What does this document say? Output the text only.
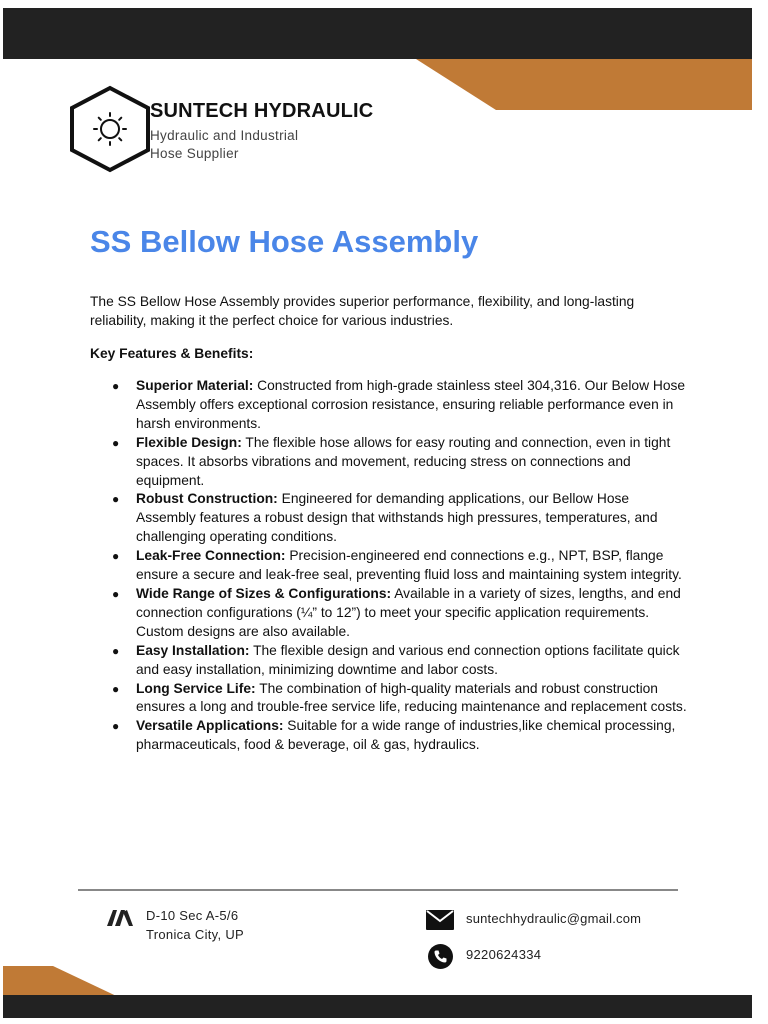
SUNTECH HYDRAULIC
Hydraulic and Industrial
Hose Supplier
SS Bellow Hose Assembly

The SS Bellow Hose Assembly provides superior performance, flexibility, and long-lasting reliability, making it the perfect choice for various industries.

Key Features & Benefits:

● Superior Material: Constructed from high-grade stainless steel 304,316. Our Below Hose Assembly offers exceptional corrosion resistance, ensuring reliable performance even in harsh environments.
● Flexible Design: The flexible hose allows for easy routing and connection, even in tight spaces. It absorbs vibrations and movement, reducing stress on connections and equipment.
● Robust Construction: Engineered for demanding applications, our Bellow Hose Assembly features a robust design that withstands high pressures, temperatures, and challenging operating conditions.
● Leak-Free Connection: Precision-engineered end connections e.g., NPT, BSP, flange ensure a secure and leak-free seal, preventing fluid loss and maintaining system integrity.
● Wide Range of Sizes & Configurations: Available in a variety of sizes, lengths, and end connection configurations (¼” to 12”) to meet your specific application requirements. Custom designs are also available.
● Easy Installation: The flexible design and various end connection options facilitate quick and easy installation, minimizing downtime and labor costs.
● Long Service Life: The combination of high-quality materials and robust construction ensures a long and trouble-free service life, reducing maintenance and replacement costs.
● Versatile Applications: Suitable for a wide range of industries,like chemical processing, pharmaceuticals, food & beverage, oil & gas, hydraulics.
D-10 Sec A-5/6
Tronica City, UP
suntechhydraulic@gmail.com
9220624334
